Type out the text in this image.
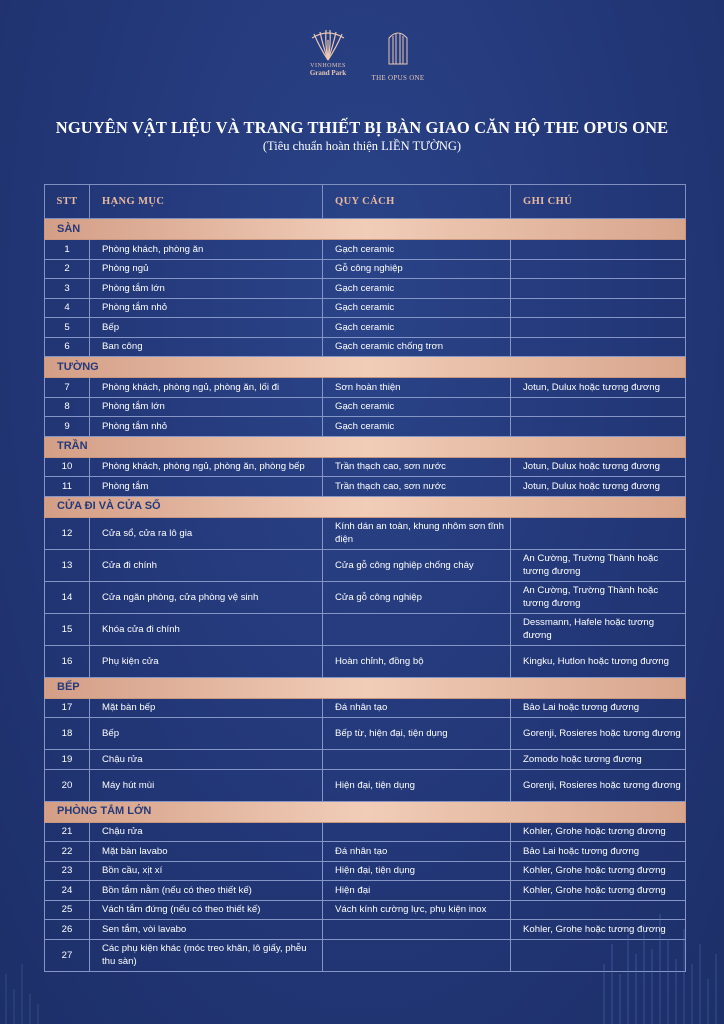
VINHOMES
Grand Park
THE OPUS ONE
NGUYÊN VẬT LIỆU VÀ TRANG THIẾT BỊ BÀN GIAO CĂN HỘ THE OPUS ONE
(Tiêu chuẩn hoàn thiện LIỀN TƯỜNG)
STT	HẠNG MỤC	QUY CÁCH	GHI CHÚ
SÀN			
1	Phòng khách, phòng ăn	Gạch ceramic	
2	Phòng ngủ	Gỗ công nghiệp	
3	Phòng tắm lớn	Gạch ceramic	
4	Phòng tắm nhỏ	Gạch ceramic	
5	Bếp	Gạch ceramic	
6	Ban công	Gạch ceramic chống trơn	
TƯỜNG			
7	Phòng khách, phòng ngủ, phòng ăn, lối đi	Sơn hoàn thiện	Jotun, Dulux hoặc tương đương
8	Phòng tắm lớn	Gạch ceramic	
9	Phòng tắm nhỏ	Gạch ceramic	
TRẦN			
10	Phòng khách, phòng ngủ, phòng ăn, phòng bếp	Trần thạch cao, sơn nước	Jotun, Dulux hoặc tương đương
11	Phòng tắm	Trần thạch cao, sơn nước	Jotun, Dulux hoặc tương đương
CỬA ĐI VÀ CỬA SỐ			
12	Cửa sổ, cửa ra lô gia	Kính dán an toàn, khung nhôm sơn tĩnh điện	
13	Cửa đi chính	Cửa gỗ công nghiệp chống cháy	An Cường, Trường Thành hoặc tương đương
14	Cửa ngăn phòng, cửa phòng vệ sinh	Cửa gỗ công nghiệp	An Cường, Trường Thành hoặc tương đương
15	Khóa cửa đi chính		Dessmann, Hafele hoặc tương đương
16	Phụ kiện cửa	Hoàn chỉnh, đồng bộ	Kingku, Hutlon hoặc tương đương
BẾP			
17	Mặt bàn bếp	Đá nhân tạo	Bảo Lai hoặc tương đương
18	Bếp	Bếp từ, hiện đại, tiện dụng	Gorenji, Rosieres hoặc tương đương
19	Chậu rửa		Zomodo hoặc tương đương
20	Máy hút mùi	Hiện đại, tiện dụng	Gorenji, Rosieres hoặc tương đương
PHÒNG TẮM LỚN			
21	Chậu rửa		Kohler, Grohe hoặc tương đương
22	Mặt bàn lavabo	Đá nhân tạo	Bảo Lai hoặc tương đương
23	Bồn cầu, xịt xí	Hiện đại, tiện dụng	Kohler, Grohe hoặc tương đương
24	Bồn tắm nằm (nếu có theo thiết kế)	Hiện đại	Kohler, Grohe hoặc tương đương
25	Vách tắm đứng (nếu có theo thiết kế)	Vách kính cường lực, phụ kiện inox	
26	Sen tắm, vòi lavabo		Kohler, Grohe hoặc tương đương
27	Các phụ kiện khác (móc treo khăn, lô giấy, phễu thu sàn)		
